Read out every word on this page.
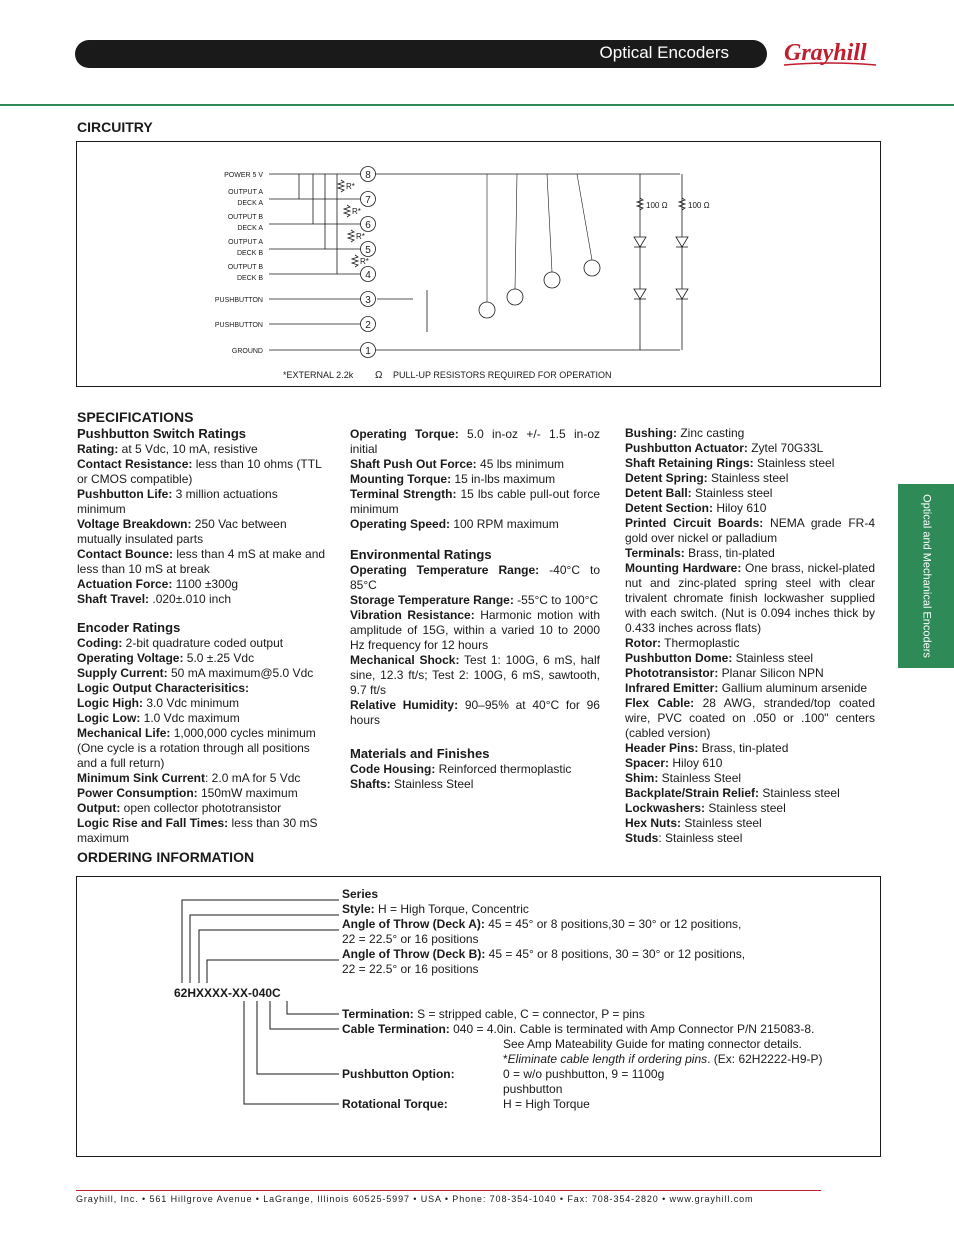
Optical Encoders Grayhill
CIRCUITRY
POWER 5 V	8
OUTPUT A
DECK A	7
OUTPUT B
DECK A	6
OUTPUT A
DECK B	5
OUTPUT B
DECK B	4
PUSHBUTTON	3
PUSHBUTTON	2
GROUND	1
R*
R*
R*
R*
100 Ω	100 Ω
*EXTERNAL 2.2k Ω PULL-UP RESISTORS REQUIRED FOR OPERATION
SPECIFICATIONS

Pushbutton Switch Ratings

Rating: at 5 Vdc, 10 mA, resistive

Contact Resistance: less than 10 ohms (TTL or CMOS compatible)

Pushbutton Life: 3 million actuations minimum

Voltage Breakdown: 250 Vac between mutually insulated parts

Contact Bounce: less than 4 mS at make and less than 10 mS at break

Actuation Force: 1100 ±300g

Shaft Travel: .020±.010 inch

Encoder Ratings

Coding: 2-bit quadrature coded output

Operating Voltage: 5.0 ±.25 Vdc

Supply Current: 50 mA maximum@5.0 Vdc

Logic Output Characterisitics:

Logic High: 3.0 Vdc minimum

Logic Low: 1.0 Vdc maximum

Mechanical Life: 1,000,000 cycles minimum (One cycle is a rotation through all positions and a full return)

Minimum Sink Current: 2.0 mA for 5 Vdc

Power Consumption: 150mW maximum

Output: open collector phototransistor

Logic Rise and Fall Times: less than 30 mS maximum

Operating Torque: 5.0 in-oz +/- 1.5 in-oz initial

Shaft Push Out Force: 45 lbs minimum

Mounting Torque: 15 in-lbs maximum

Terminal Strength: 15 lbs cable pull-out force minimum

Operating Speed: 100 RPM maximum

Environmental Ratings

Operating Temperature Range: -40°C to 85°C

Storage Temperature Range: -55°C to 100°C

Vibration Resistance: Harmonic motion with amplitude of 15G, within a varied 10 to 2000 Hz frequency for 12 hours

Mechanical Shock: Test 1: 100G, 6 mS, half sine, 12.3 ft/s; Test 2: 100G, 6 mS, sawtooth, 9.7 ft/s

Relative Humidity: 90–95% at 40°C for 96 hours

Materials and Finishes

Code Housing: Reinforced thermoplastic

Shafts: Stainless Steel

Bushing: Zinc casting

Pushbutton Actuator: Zytel 70G33L

Shaft Retaining Rings: Stainless steel

Detent Spring: Stainless steel

Detent Ball: Stainless steel

Detent Section: Hiloy 610

Printed Circuit Boards: NEMA grade FR-4 gold over nickel or palladium

Terminals: Brass, tin-plated

Mounting Hardware: One brass, nickel-plated nut and zinc-plated spring steel with clear trivalent chromate finish lockwasher supplied with each switch. (Nut is 0.094 inches thick by 0.433 inches across flats)

Rotor: Thermoplastic

Pushbutton Dome: Stainless steel

Phototransistor: Planar Silicon NPN

Infrared Emitter: Gallium aluminum arsenide

Flex Cable: 28 AWG, stranded/top coated wire, PVC coated on .050 or .100" centers (cabled version)

Header Pins: Brass, tin-plated

Spacer: Hiloy 610

Shim: Stainless Steel

Backplate/Strain Relief: Stainless steel

Lockwashers: Stainless steel

Hex Nuts: Stainless steel

Studs: Stainless steel

Optical and Mechanical Encoders
ORDERING INFORMATION
Series
Style: H = High Torque, Concentric
Angle of Throw (Deck A): 45 = 45° or 8 positions,30 = 30° or 12 positions,
22 = 22.5° or 16 positions
Angle of Throw (Deck B): 45 = 45° or 8 positions, 30 = 30° or 12 positions,
22 = 22.5° or 16 positions
62HXXXX-XX-040C
Termination: S = stripped cable, C = connector, P = pins
Cable Termination: 040 = 4.0in. Cable is terminated with Amp Connector P/N 215083-8.
See Amp Mateability Guide for mating connector details.
*Eliminate cable length if ordering pins. (Ex: 62H2222-H9-P)
Pushbutton Option:	0 = w/o pushbutton, 9 = 1100g
pushbutton
Rotational Torque:	H = High Torque
Grayhill, Inc. • 561 Hillgrove Avenue • LaGrange, Illinois 60525-5997 • USA • Phone: 708-354-1040 • Fax: 708-354-2820 • www.grayhill.com
